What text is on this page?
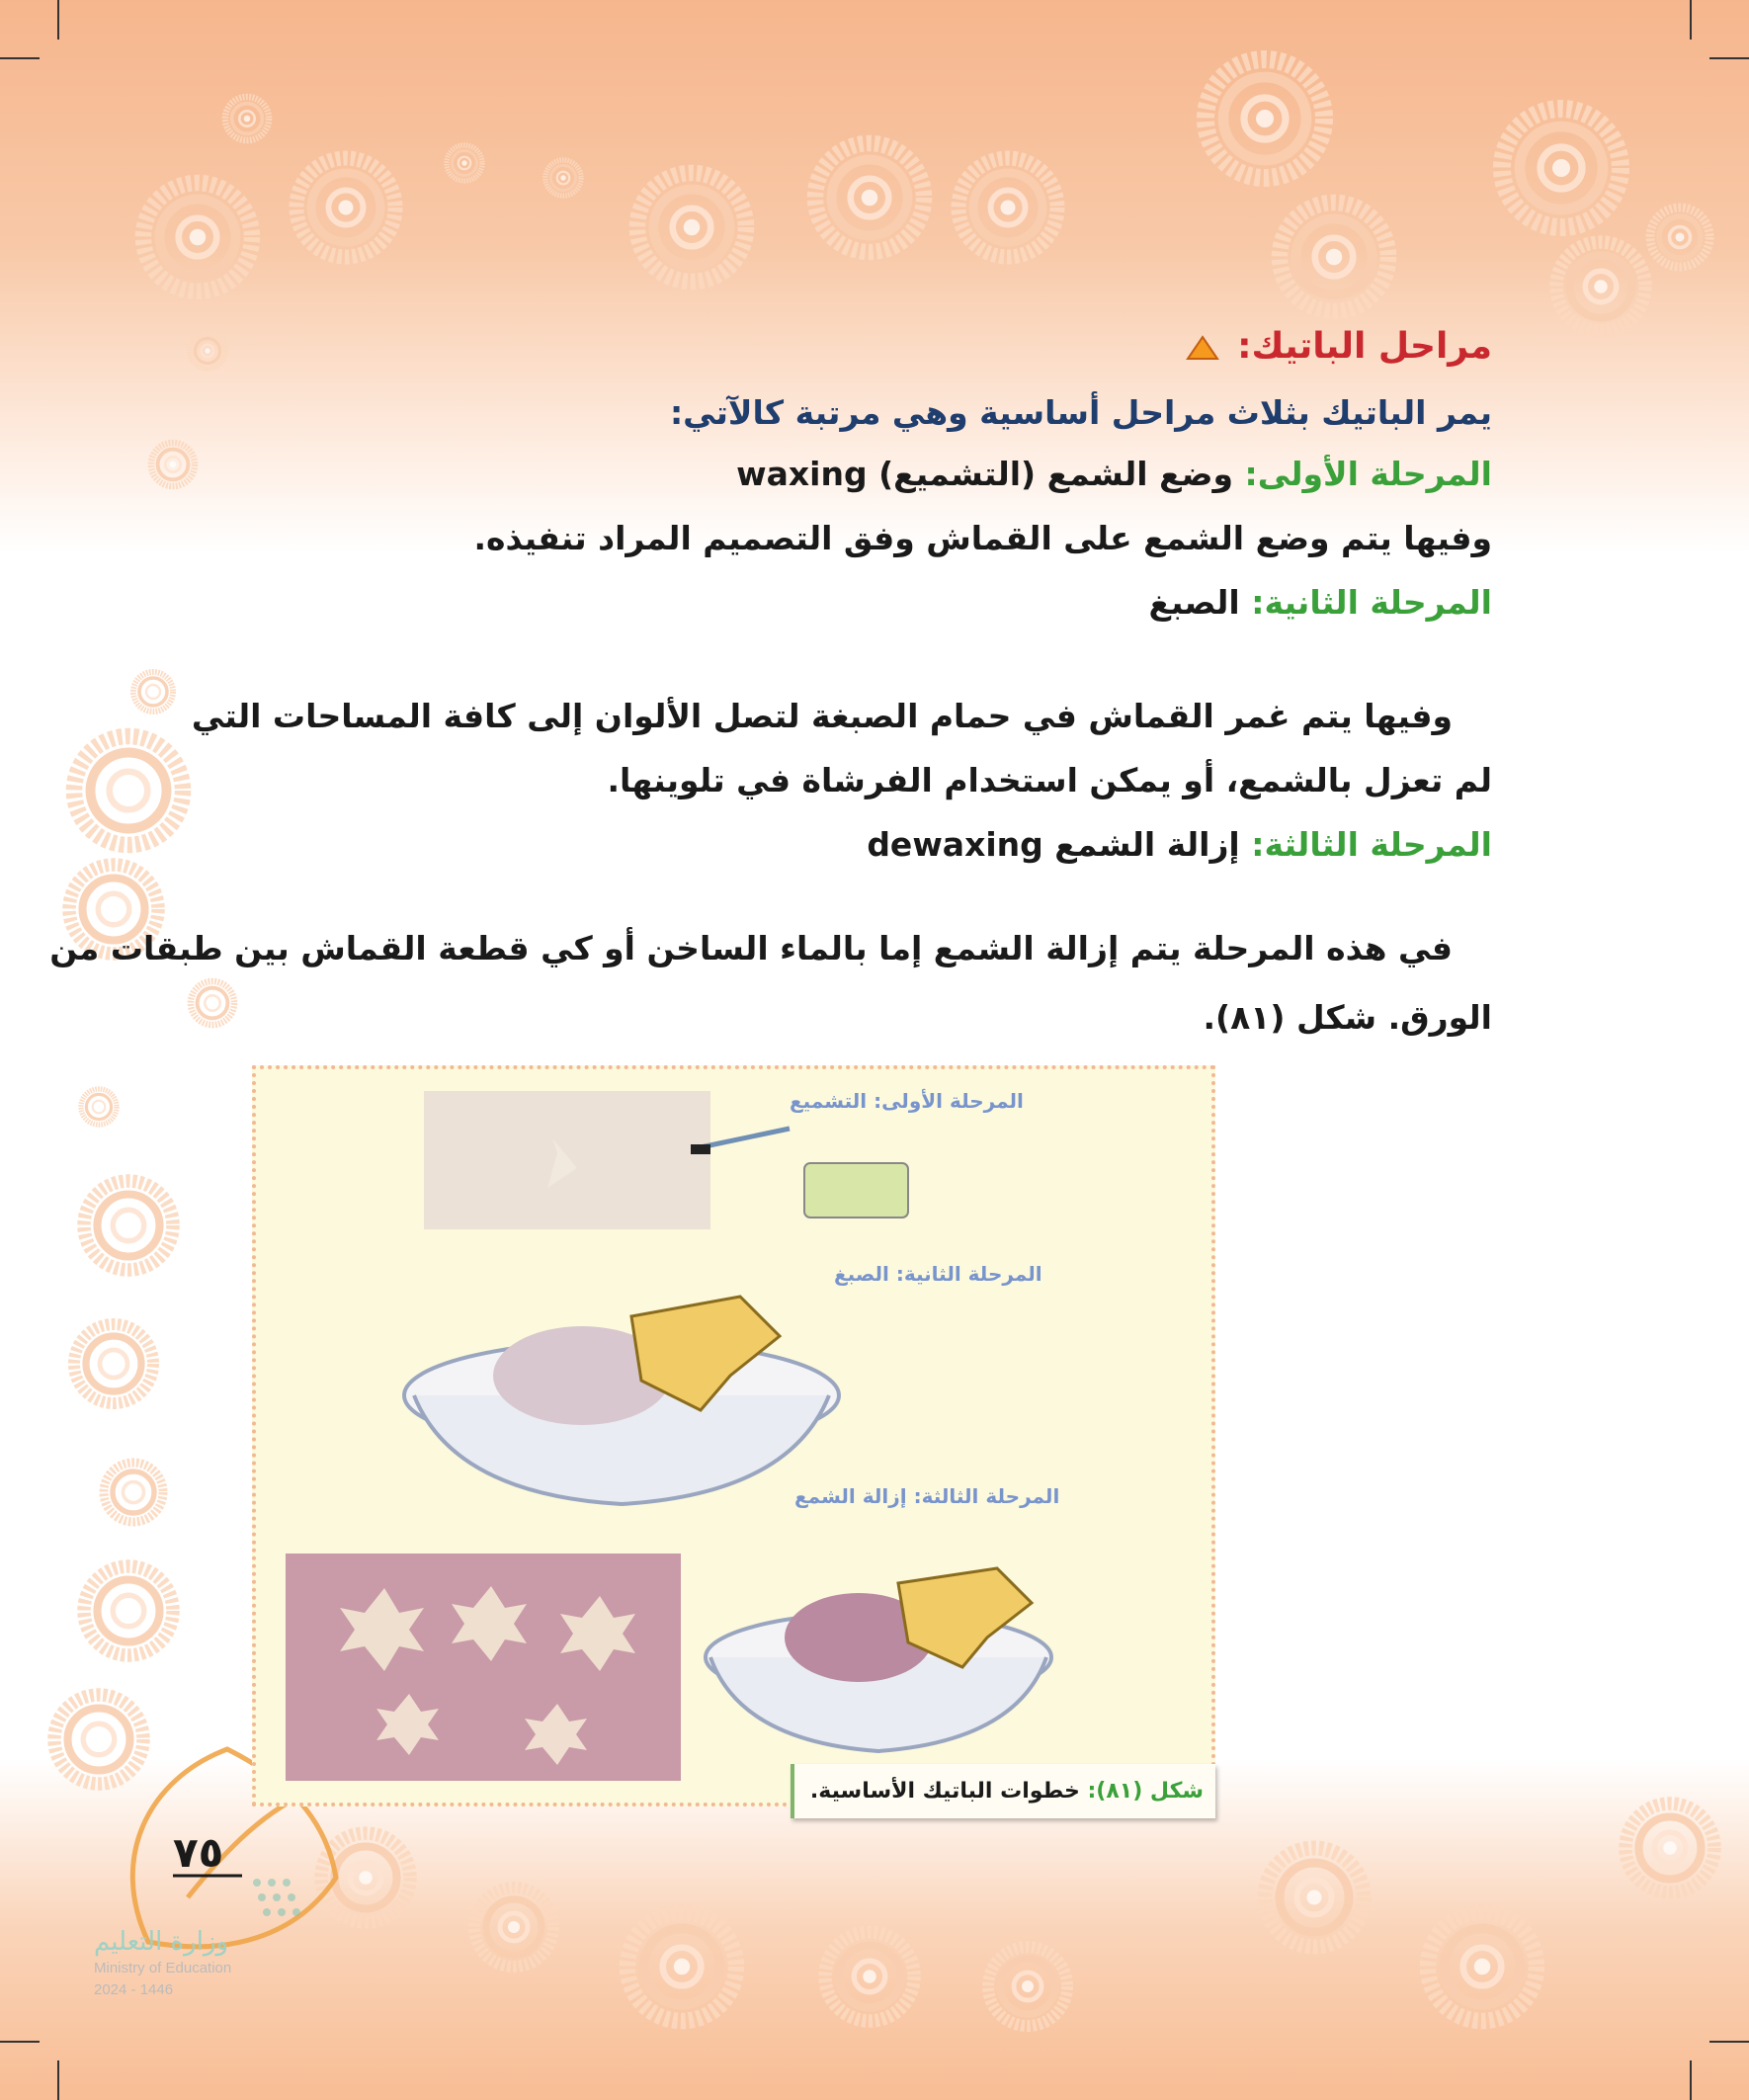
مراحل الباتيك:
يمر الباتيك بثلاث مراحل أساسية وهي مرتبة كالآتي:
المرحلة الأولى: وضع الشمع (التشميع) waxing
وفيها يتم وضع الشمع على القماش وفق التصميم المراد تنفيذه.
المرحلة الثانية: الصبغ
وفيها يتم غمر القماش في حمام الصبغة لتصل الألوان إلى كافة المساحات التي
لم تعزل بالشمع، أو يمكن استخدام الفرشاة في تلوينها.
المرحلة الثالثة: إزالة الشمع dewaxing
في هذه المرحلة يتم إزالة الشمع إما بالماء الساخن أو كي قطعة القماش بين طبقات من
الورق. شكل (٨١).
المرحلة الأولى: التشميع
المرحلة الثانية: الصبغ
المرحلة الثالثة: إزالة الشمع
شكل (٨١): خطوات الباتيك الأساسية.
٧٥
وزارة التعليم
Ministry of Education
2024 - 1446
